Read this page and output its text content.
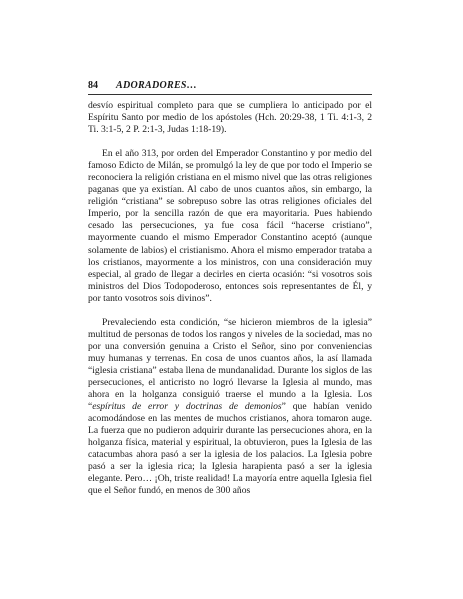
84 ADORADORES…

desvío espiritual completo para que se cumpliera lo anticipado por el Espíritu Santo por medio de los apóstoles (Hch. 20:29-38, 1 Ti. 4:1-3, 2 Ti. 3:1-5, 2 P. 2:1-3, Judas 1:18-19).

En el año 313, por orden del Emperador Constantino y por medio del famoso Edicto de Milán, se promulgó la ley de que por todo el Imperio se reconociera la religión cristiana en el mismo nivel que las otras religiones paganas que ya existían. Al cabo de unos cuantos años, sin embargo, la religión “cristiana” se sobrepuso sobre las otras religiones oficiales del Imperio, por la sencilla razón de que era mayoritaria. Pues habiendo cesado las persecuciones, ya fue cosa fácil “hacerse cristiano”, mayormente cuando el mismo Emperador Constantino aceptó (aunque solamente de labios) el cristianismo. Ahora el mismo emperador trataba a los cristianos, mayormente a los ministros, con una consideración muy especial, al grado de llegar a decirles en cierta ocasión: “si vosotros sois ministros del Dios Todopoderoso, entonces sois representantes de Él, y por tanto vosotros sois divinos”.

Prevaleciendo esta condición, “se hicieron miembros de la iglesia” multitud de personas de todos los rangos y niveles de la sociedad, mas no por una conversión genuina a Cristo el Señor, sino por conveniencias muy humanas y terrenas. En cosa de unos cuantos años, la así llamada “iglesia cristiana” estaba llena de mundanalidad. Durante los siglos de las persecuciones, el anticristo no logró llevarse la Iglesia al mundo, mas ahora en la holganza consiguió traerse el mundo a la Iglesia. Los “espíritus de error y doctrinas de demonios” que habían venido acomodándose en las mentes de muchos cristianos, ahora tomaron auge. La fuerza que no pudieron adquirir durante las persecuciones ahora, en la holganza física, material y espiritual, la obtuvieron, pues la Iglesia de las catacumbas ahora pasó a ser la iglesia de los palacios. La Iglesia pobre pasó a ser la iglesia rica; la Iglesia harapienta pasó a ser la iglesia elegante. Pero… ¡Oh, triste realidad! La mayoría entre aquella Iglesia fiel que el Señor fundó, en menos de 300 años
